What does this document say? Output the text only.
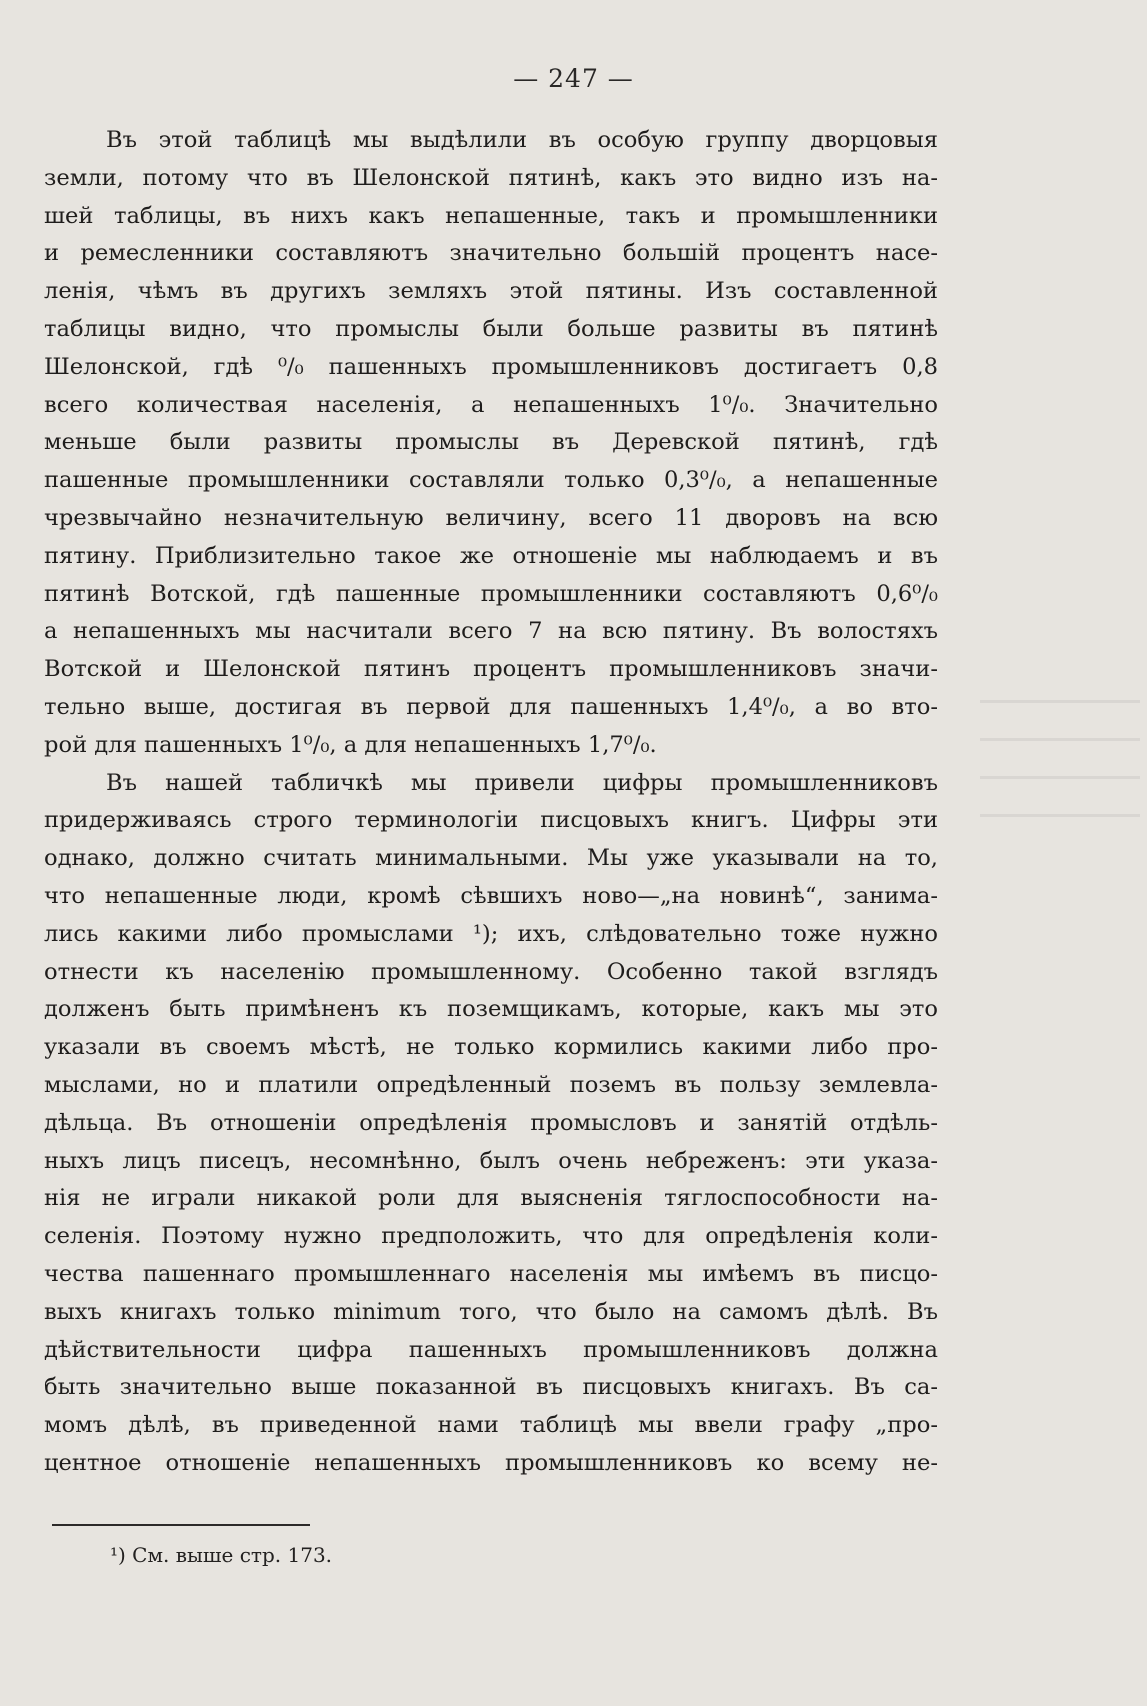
— 247 —
Въ этой таблицѣ мы выдѣлили въ особую группу дворцовыя
земли, потому что въ Шелонской пятинѣ, какъ это видно изъ на-
шей таблицы, въ нихъ какъ непашенные, такъ и промышленники
и ремесленники составляютъ значительно большій процентъ насе-
ленія, чѣмъ въ другихъ земляхъ этой пятины. Изъ составленной
таблицы видно, что промыслы были больше развиты въ пятинѣ
Шелонской, гдѣ ⁰/₀ пашенныхъ промышленниковъ достигаетъ 0,8
всего количествая населенія, а непашенныхъ 1⁰/₀. Значительно
меньше были развиты промыслы въ Деревской пятинѣ, гдѣ
пашенные промышленники составляли только 0,3⁰/₀, а непашенные
чрезвычайно незначительную величину, всего 11 дворовъ на всю
пятину. Приблизительно такое же отношеніе мы наблюдаемъ и въ
пятинѣ Вотской, гдѣ пашенные промышленники составляютъ 0,6⁰/₀
а непашенныхъ мы насчитали всего 7 на всю пятину. Въ волостяхъ
Вотской и Шелонской пятинъ процентъ промышленниковъ значи-
тельно выше, достигая въ первой для пашенныхъ 1,4⁰/₀, а во вто-
рой для пашенныхъ 1⁰/₀, а для непашенныхъ 1,7⁰/₀.
Въ нашей табличкѣ мы привели цифры промышленниковъ
придерживаясь строго терминологіи писцовыхъ книгъ. Цифры эти
однако, должно считать минимальными. Мы уже указывали на то,
что непашенные люди, кромѣ сѣвшихъ ново—„на новинѣ“, занима-
лись какими либо промыслами ¹); ихъ, слѣдовательно тоже нужно
отнести къ населенію промышленному. Особенно такой взглядъ
долженъ быть примѣненъ къ поземщикамъ, которые, какъ мы это
указали въ своемъ мѣстѣ, не только кормились какими либо про-
мыслами, но и платили опредѣленный поземъ въ пользу землевла-
дѣльца. Въ отношеніи опредѣленія промысловъ и занятій отдѣль-
ныхъ лицъ писецъ, несомнѣнно, былъ очень небреженъ: эти указа-
нія не играли никакой роли для выясненія тяглоспособности на-
селенія. Поэтому нужно предположить, что для опредѣленія коли-
чества пашеннаго промышленнаго населенія мы имѣемъ въ писцо-
выхъ книгахъ только minimum того, что было на самомъ дѣлѣ. Въ
дѣйствительности цифра пашенныхъ промышленниковъ должна
быть значительно выше показанной въ писцовыхъ книгахъ. Въ са-
момъ дѣлѣ, въ приведенной нами таблицѣ мы ввели графу „про-
центное отношеніе непашенныхъ промышленниковъ ко всему не-
¹) См. выше стр. 173.
